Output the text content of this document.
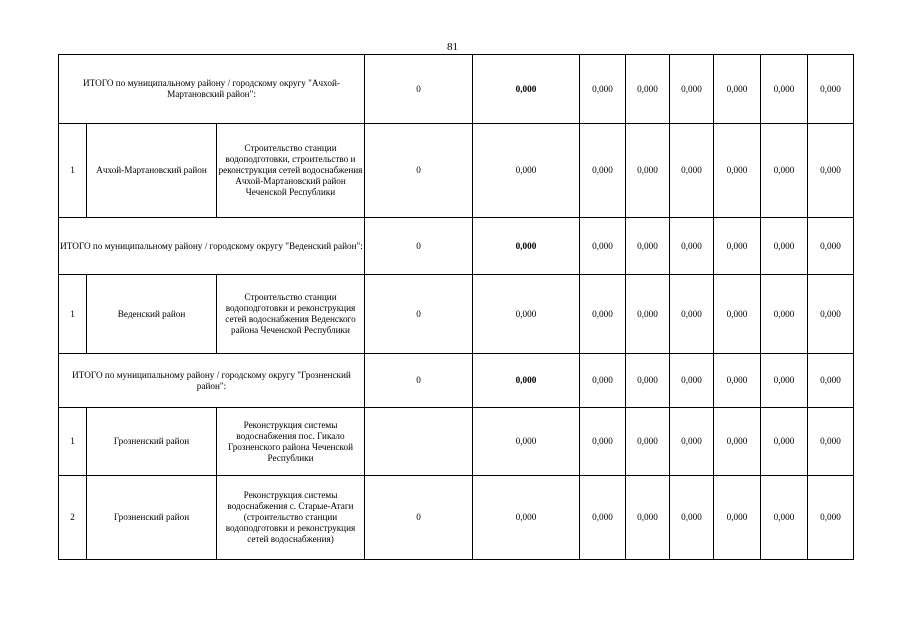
81
ИТОГО по муниципальному району / городскому округу "Ачхой-Мартановский район":			0	0,000	0,000	0,000	0,000	0,000	0,000	0,000
1	Ачхой-Мартановский район	Строительство станции водоподготовки, строительство и реконструкция сетей водоснабжения Ачхой-Мартановский район Чеченской Республики	0	0,000	0,000	0,000	0,000	0,000	0,000	0,000
ИТОГО по муниципальному району / городскому округу "Веденский район":			0	0,000	0,000	0,000	0,000	0,000	0,000	0,000
1	Веденский район	Строительство станции водоподготовки и реконструкция сетей водоснабжения Веденского района Чеченской Республики	0	0,000	0,000	0,000	0,000	0,000	0,000	0,000
ИТОГО по муниципальному району / городскому округу "Грозненский район":			0	0,000	0,000	0,000	0,000	0,000	0,000	0,000
1	Грозненский район	Реконструкция системы водоснабжения пос. Гикало Грозненского района Чеченской Республики		0,000	0,000	0,000	0,000	0,000	0,000	0,000
2	Грозненский район	Реконструкция системы водоснабжения с. Старые-Атаги (строительство станции водоподготовки и реконструкция сетей водоснабжения)	0	0,000	0,000	0,000	0,000	0,000	0,000	0,000
